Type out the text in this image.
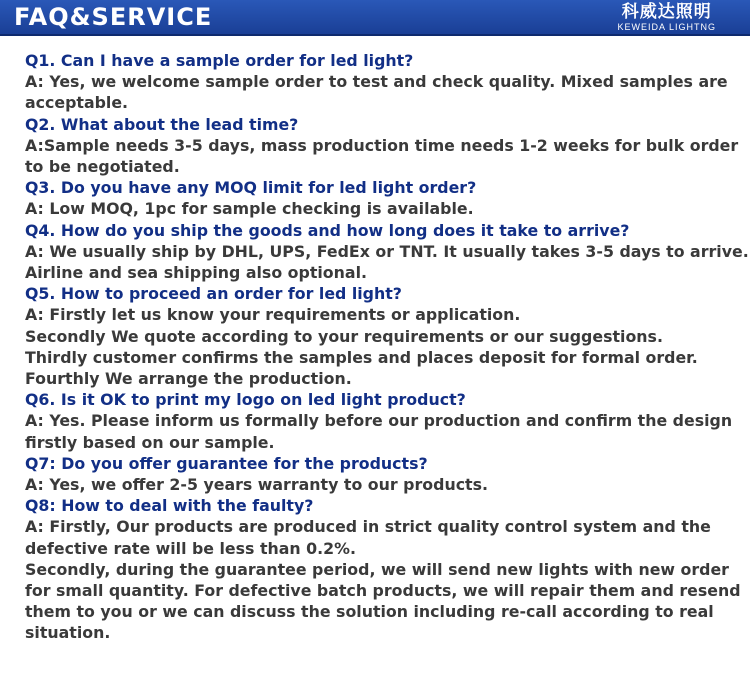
FAQ&SERVICE	科威达照明
KEWEIDA LIGHTNG

Q1. Can I have a sample order for led light?

A: Yes, we welcome sample order to test and check quality. Mixed samples are acceptable.

Q2. What about the lead time?

A:Sample needs 3-5 days, mass production time needs 1-2 weeks for bulk order to be negotiated.

Q3. Do you have any MOQ limit for led light order?

A: Low MOQ, 1pc for sample checking is available.

Q4. How do you ship the goods and how long does it take to arrive?

A: We usually ship by DHL, UPS, FedEx or TNT. It usually takes 3-5 days to arrive. Airline and sea shipping also optional.

Q5. How to proceed an order for led light?

A: Firstly let us know your requirements or application.

Secondly We quote according to your requirements or our suggestions.

Thirdly customer confirms the samples and places deposit for formal order.

Fourthly We arrange the production.

Q6. Is it OK to print my logo on led light product?

A: Yes. Please inform us formally before our production and confirm the design firstly based on our sample.

Q7: Do you offer guarantee for the products?

A: Yes, we offer 2-5 years warranty to our products.

Q8: How to deal with the faulty?

A: Firstly, Our products are produced in strict quality control system and the defective rate will be less than 0.2%.

Secondly, during the guarantee period, we will send new lights with new order for small quantity. For defective batch products, we will repair them and resend them to you or we can discuss the solution including re-call according to real situation.
